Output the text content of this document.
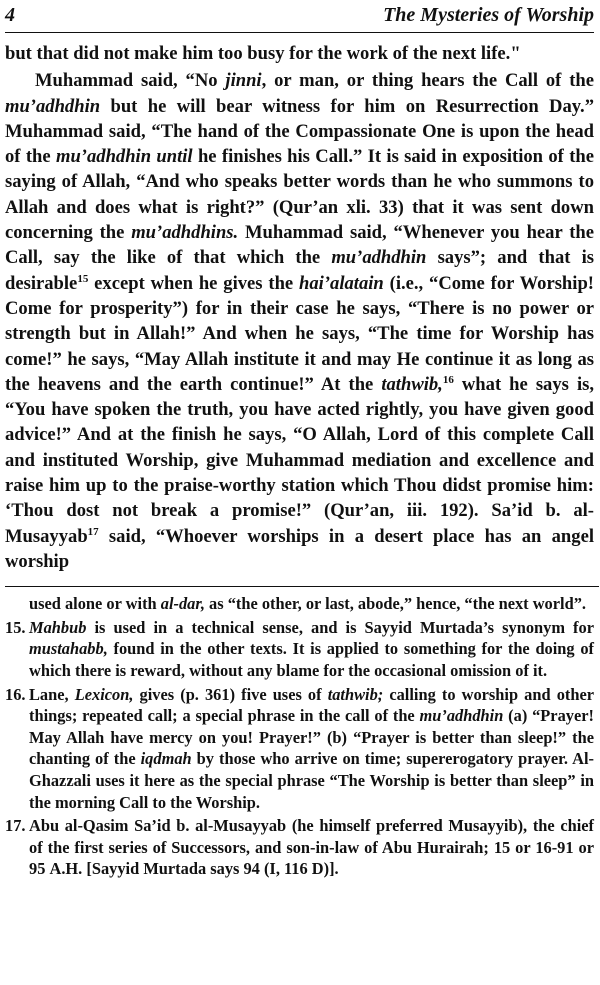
4	The Mysteries of Worship

but that did not make him too busy for the work of the next life."

Muhammad said, “No jinni, or man, or thing hears the Call of the mu’adhdhin but he will bear witness for him on Resurrection Day.” Muhammad said, “The hand of the Compassionate One is upon the head of the mu’adhdhin until he finishes his Call.” It is said in exposition of the saying of Allah, “And who speaks better words than he who summons to Allah and does what is right?” (Qur’an xli. 33) that it was sent down concerning the mu’adhdhins. Muhammad said, “Whenever you hear the Call, say the like of that which the mu’adhdhin says”; and that is desirable$^{15}$ except when he gives the hai’alatain (i.e., “Come for Worship! Come for prosperity”) for in their case he says, “There is no power or strength but in Allah!” And when he says, “The time for Worship has come!” he says, “May Allah institute it and may He continue it as long as the heavens and the earth continue!” At the tathwib,$^{16}$ what he says is, “You have spoken the truth, you have acted rightly, you have given good advice!” And at the finish he says, “O Allah, Lord of this complete Call and instituted Worship, give Muhammad mediation and excellence and raise him up to the praise-worthy station which Thou didst promise him: ‘Thou dost not break a promise!” (Qur’an, iii. 192). Sa’id b. al-Musayyab$^{17}$ said, “Whoever worships in a desert place has an angel worship

used alone or with al-dar, as “the other, or last, abode,” hence, “the next world”.

15. Mahbub is used in a technical sense, and is Sayyid Murtada’s synonym for mustahabb, found in the other texts. It is applied to something for the doing of which there is reward, without any blame for the occasional omission of it.

16. Lane, Lexicon, gives (p. 361) five uses of tathwib; calling to worship and other things; repeated call; a special phrase in the call of the mu’adhdhin (a) “Prayer! May Allah have mercy on you! Prayer!” (b) “Prayer is better than sleep!” the chanting of the iqdmah by those who arrive on time; supererogatory prayer. Al-Ghazzali uses it here as the special phrase “The Worship is better than sleep” in the morning Call to the Worship.

17. Abu al-Qasim Sa’id b. al-Musayyab (he himself preferred Musayyib), the chief of the first series of Successors, and son-in-law of Abu Hurairah; 15 or 16-91 or 95 A.H. [Sayyid Murtada says 94 (I, 116 D)].
